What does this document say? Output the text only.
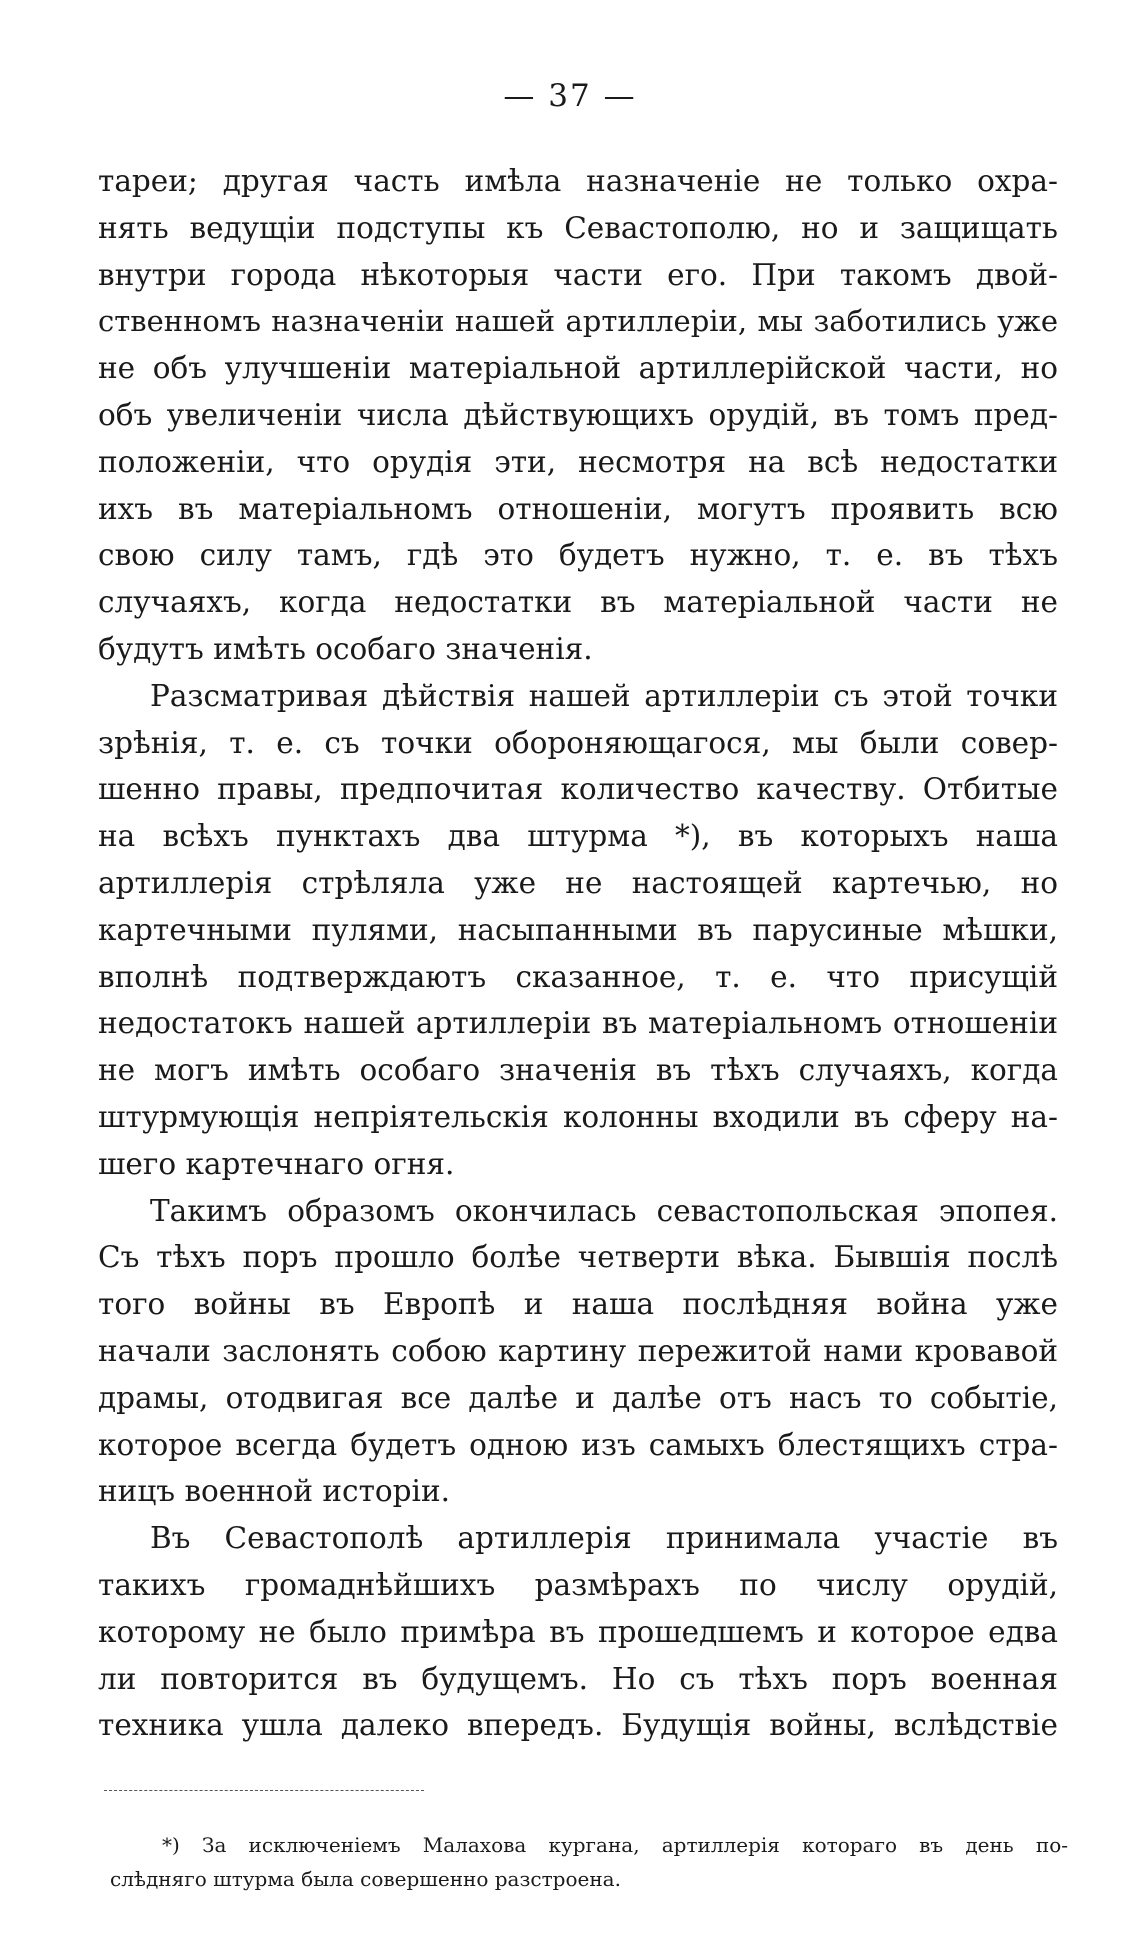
— 37 —
тареи; другая часть имѣла назначеніе не только охра-
нять ведущіи подступы къ Севастополю, но и защищать
внутри города нѣкоторыя части его. При такомъ двой-
ственномъ назначеніи нашей артиллеріи, мы заботились уже
не объ улучшеніи матеріальной артиллерійской части, но
объ увеличеніи числа дѣйствующихъ орудій, въ томъ пред-
положеніи, что орудія эти, несмотря на всѣ недостатки
ихъ въ матеріальномъ отношеніи, могутъ проявить всю
свою силу тамъ, гдѣ это будетъ нужно, т. е. въ тѣхъ
случаяхъ, когда недостатки въ матеріальной части не
будутъ имѣть особаго значенія.
Разсматривая дѣйствія нашей артиллеріи съ этой точки
зрѣнія, т. е. съ точки обороняющагося, мы были совер-
шенно правы, предпочитая количество качеству. Отбитые
на всѣхъ пунктахъ два штурма *), въ которыхъ наша
артиллерія стрѣляла уже не настоящей картечью, но
картечными пулями, насыпанными въ парусиные мѣшки,
вполнѣ подтверждаютъ сказанное, т. е. что присущій
недостатокъ нашей артиллеріи въ матеріальномъ отношеніи
не могъ имѣть особаго значенія въ тѣхъ случаяхъ, когда
штурмующія непріятельскія колонны входили въ сферу на-
шего картечнаго огня.
Такимъ образомъ окончилась севастопольская эпопея.
Съ тѣхъ поръ прошло болѣе четверти вѣка. Бывшія послѣ
того войны въ Европѣ и наша послѣдняя война уже
начали заслонять собою картину пережитой нами кровавой
драмы, отодвигая все далѣе и далѣе отъ насъ то событіе,
которое всегда будетъ одною изъ самыхъ блестящихъ стра-
ницъ военной исторіи.
Въ Севастополѣ артиллерія принимала участіе въ
такихъ громаднѣйшихъ размѣрахъ по числу орудій,
которому не было примѣра въ прошедшемъ и которое едва
ли повторится въ будущемъ. Но съ тѣхъ поръ военная
техника ушла далеко впередъ. Будущія войны, вслѣдствіе
*) За исключеніемъ Малахова кургана, артиллерія котораго въ день по-
слѣдняго штурма была совершенно разстроена.
